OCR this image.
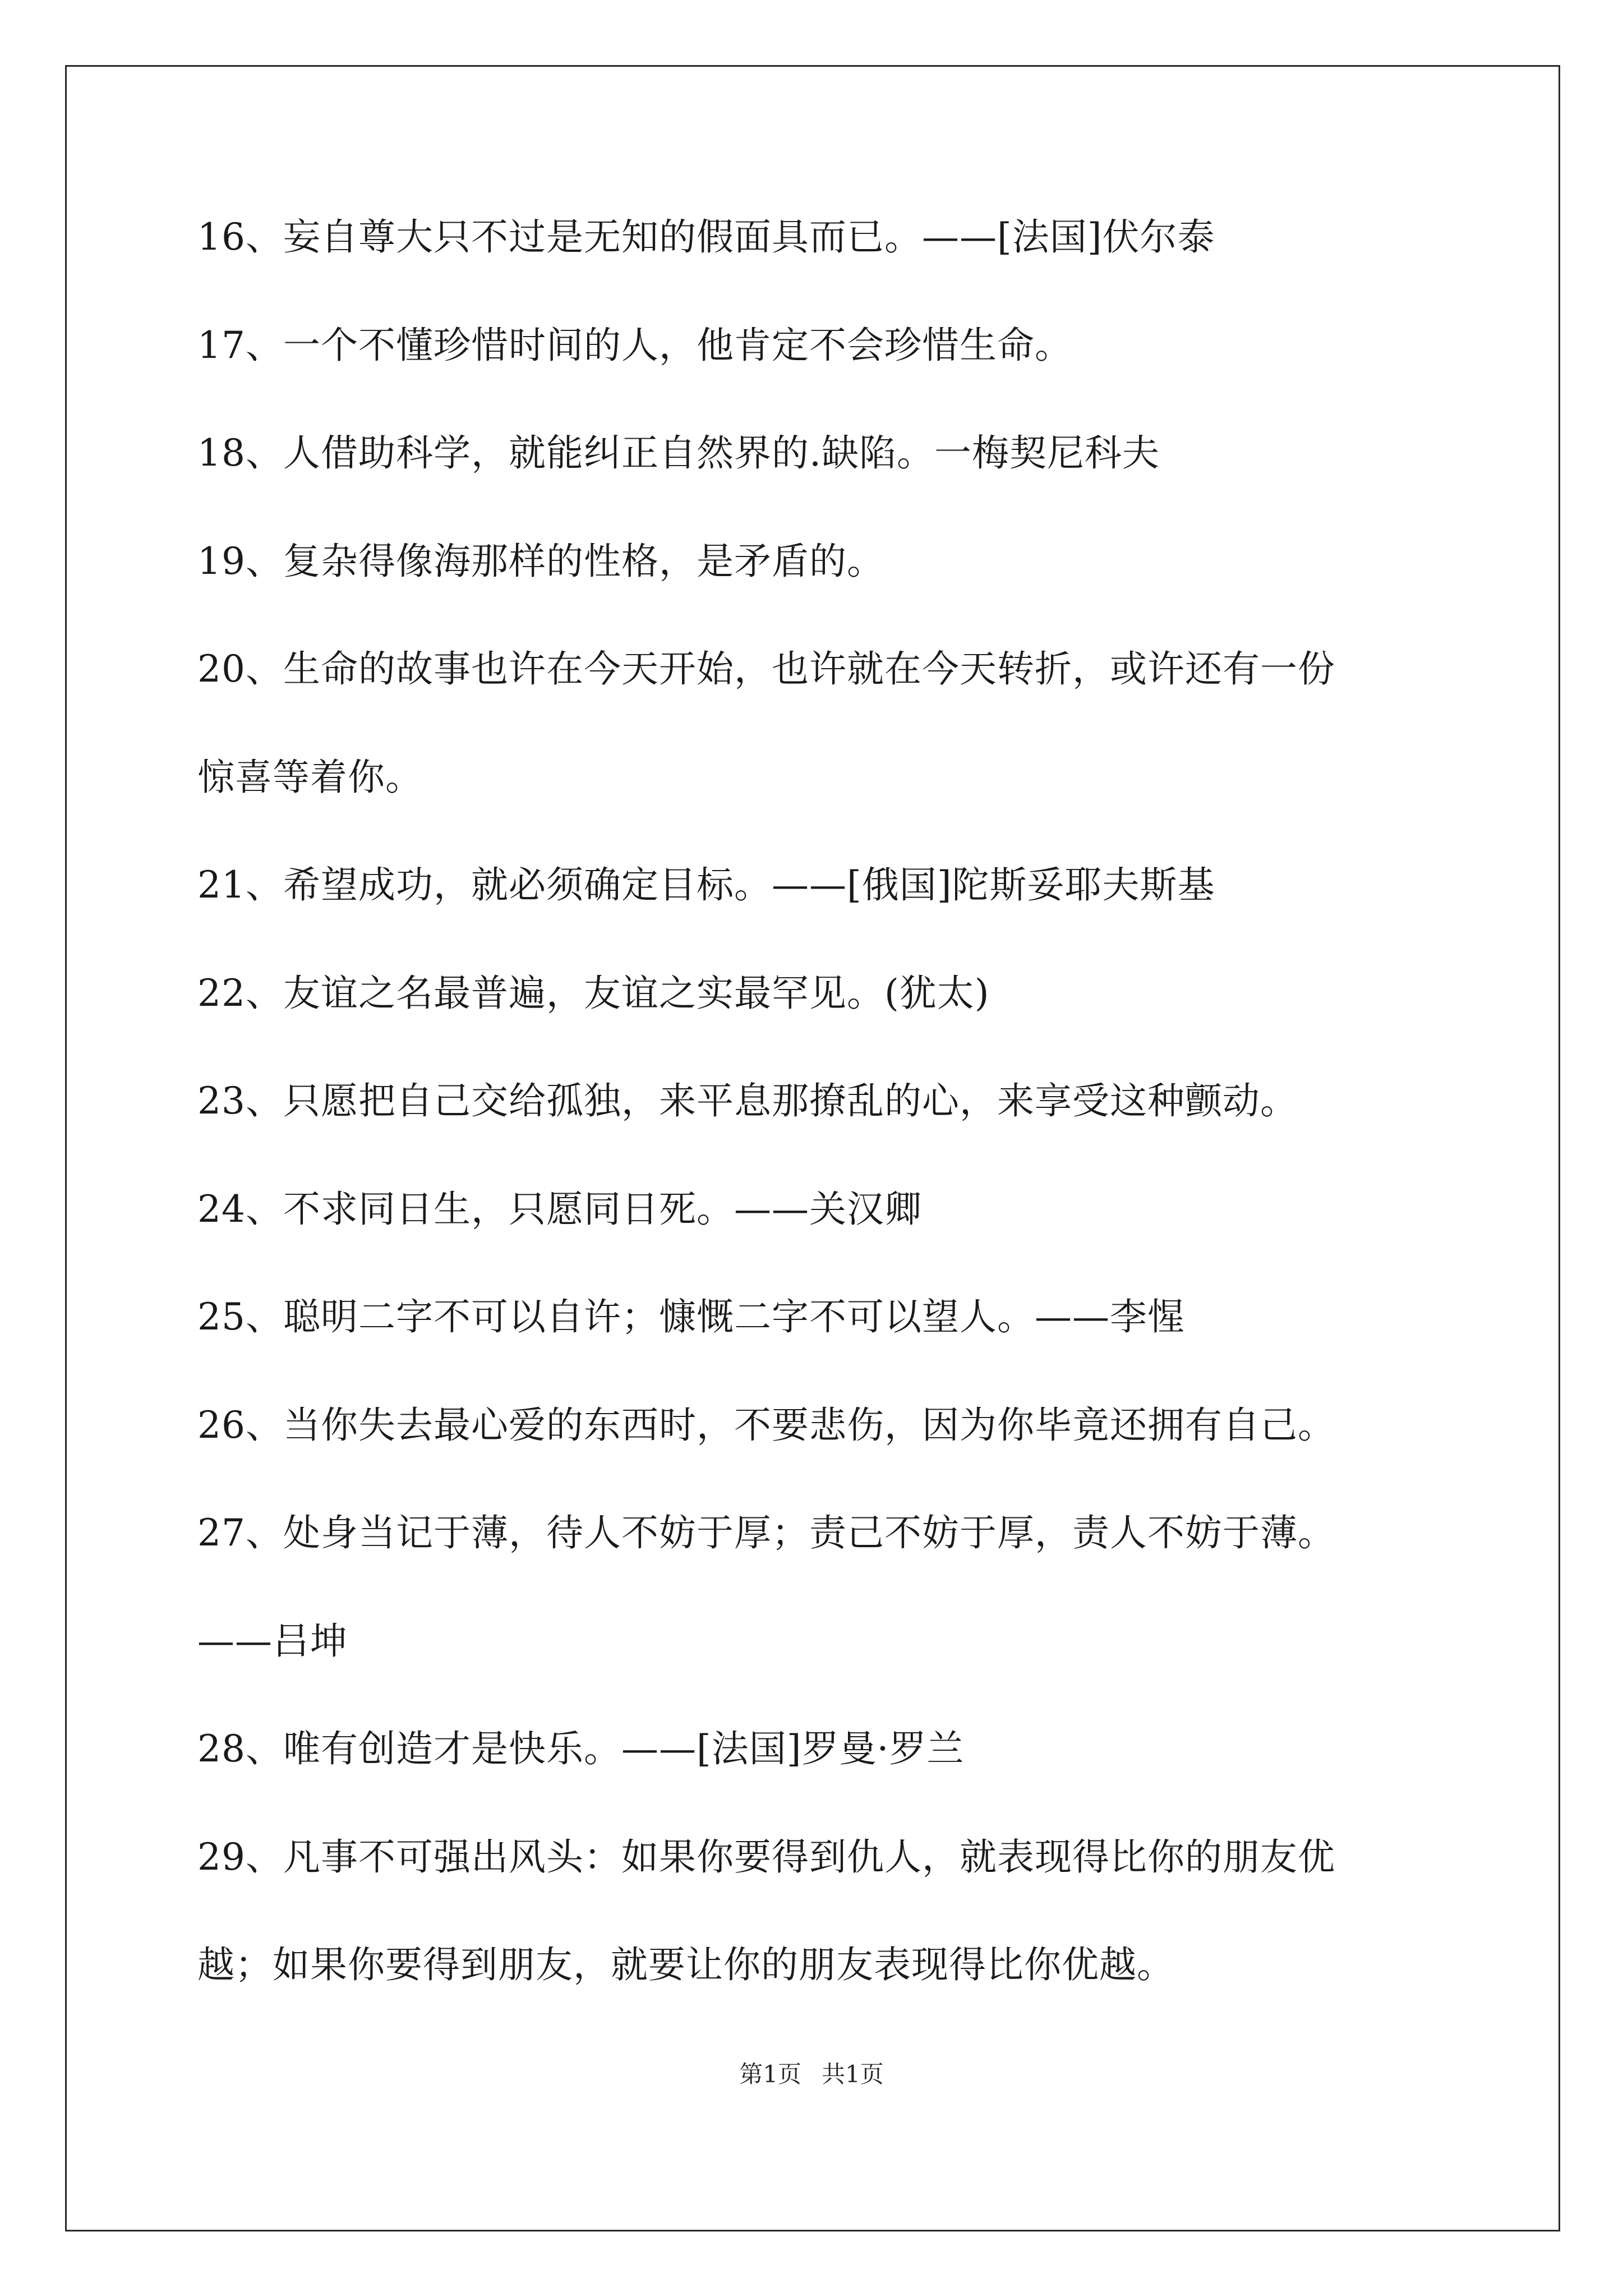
16、妄自尊大只不过是无知的假面具而已。——[法国]伏尔泰
17、一个不懂珍惜时间的人，他肯定不会珍惜生命。
18、人借助科学，就能纠正自然界的.缺陷。一梅契尼科夫
19、复杂得像海那样的性格，是矛盾的。
20、生命的故事也许在今天开始，也许就在今天转折，或许还有一份
惊喜等着你。
21、希望成功，就必须确定目标。——[俄国]陀斯妥耶夫斯基
22、友谊之名最普遍，友谊之实最罕见。(犹太)
23、只愿把自己交给孤独，来平息那撩乱的心，来享受这种颤动。
24、不求同日生，只愿同日死。——关汉卿
25、聪明二字不可以自许；慷慨二字不可以望人。——李惺
26、当你失去最心爱的东西时，不要悲伤，因为你毕竟还拥有自己。
27、处身当记于薄，待人不妨于厚；责己不妨于厚，责人不妨于薄。
——吕坤
28、唯有创造才是快乐。——[法国]罗曼·罗兰
29、凡事不可强出风头：如果你要得到仇人，就表现得比你的朋友优
越；如果你要得到朋友，就要让你的朋友表现得比你优越。
第1页 共1页
